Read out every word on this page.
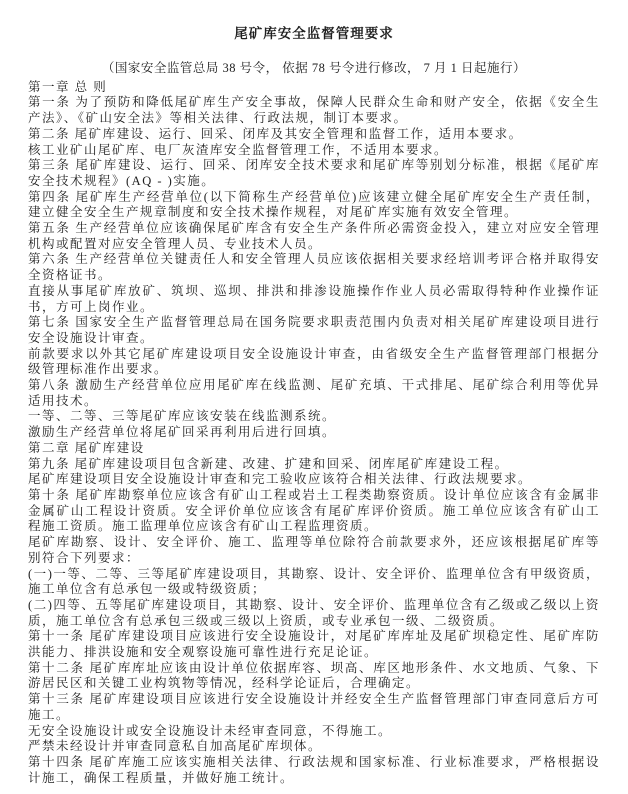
尾矿库安全监督管理要求

（国家安全监管总局 38 号令， 依据 78 号令进行修改， 7 月 1 日起施行）

第一章 总 则

第一条 为了预防和降低尾矿库生产安全事故，保障人民群众生命和财产安全，依据《安全生产法》、《矿山安全法》等相关法律、行政法规，制订本要求。

第二条 尾矿库建设、运行、回采、闭库及其安全管理和监督工作，适用本要求。

核工业矿山尾矿库、电厂灰渣库安全监督管理工作，不适用本要求。

第三条 尾矿库建设、运行、回采、闭库安全技术要求和尾矿库等别划分标准，根据《尾矿库安全技术规程》(AQ - )实施。

第四条 尾矿库生产经营单位(以下简称生产经营单位)应该建立健全尾矿库安全生产责任制，建立健全安全生产规章制度和安全技术操作规程，对尾矿库实施有效安全管理。

第五条 生产经营单位应该确保尾矿库含有安全生产条件所必需资金投入，建立对应安全管理机构或配置对应安全管理人员、专业技术人员。

第六条 生产经营单位关键责任人和安全管理人员应该依据相关要求经培训考评合格并取得安全资格证书。

直接从事尾矿库放矿、筑坝、巡坝、排洪和排渗设施操作作业人员必需取得特种作业操作证书，方可上岗作业。

第七条 国家安全生产监督管理总局在国务院要求职责范围内负责对相关尾矿库建设项目进行安全设施设计审查。

前款要求以外其它尾矿库建设项目安全设施设计审查，由省级安全生产监督管理部门根据分级管理标准作出要求。

第八条 激励生产经营单位应用尾矿库在线监测、尾矿充填、干式排尾、尾矿综合利用等优异适用技术。

一等、二等、三等尾矿库应该安装在线监测系统。

激励生产经营单位将尾矿回采再利用后进行回填。

第二章 尾矿库建设

第九条 尾矿库建设项目包含新建、改建、扩建和回采、闭库尾矿库建设工程。

尾矿库建设项目安全设施设计审查和完工验收应该符合相关法律、行政法规要求。

第十条 尾矿库勘察单位应该含有矿山工程或岩土工程类勘察资质。设计单位应该含有金属非金属矿山工程设计资质。安全评价单位应该含有尾矿库评价资质。施工单位应该含有矿山工程施工资质。施工监理单位应该含有矿山工程监理资质。

尾矿库勘察、设计、安全评价、施工、监理等单位除符合前款要求外，还应该根据尾矿库等别符合下列要求：

(一)一等、二等、三等尾矿库建设项目，其勘察、设计、安全评价、监理单位含有甲级资质，施工单位含有总承包一级或特级资质；

(二)四等、五等尾矿库建设项目，其勘察、设计、安全评价、监理单位含有乙级或乙级以上资质，施工单位含有总承包三级或三级以上资质，或专业承包一级、二级资质。

第十一条 尾矿库建设项目应该进行安全设施设计，对尾矿库库址及尾矿坝稳定性、尾矿库防洪能力、排洪设施和安全观察设施可靠性进行充足论证。

第十二条 尾矿库库址应该由设计单位依据库容、坝高、库区地形条件、水文地质、气象、下游居民区和关键工业构筑物等情况，经科学论证后，合理确定。

第十三条 尾矿库建设项目应该进行安全设施设计并经安全生产监督管理部门审查同意后方可施工。

无安全设施设计或安全设施设计未经审查同意，不得施工。

严禁未经设计并审查同意私自加高尾矿库坝体。

第十四条 尾矿库施工应该实施相关法律、行政法规和国家标准、行业标准要求，严格根据设计施工，确保工程质量，并做好施工统计。
